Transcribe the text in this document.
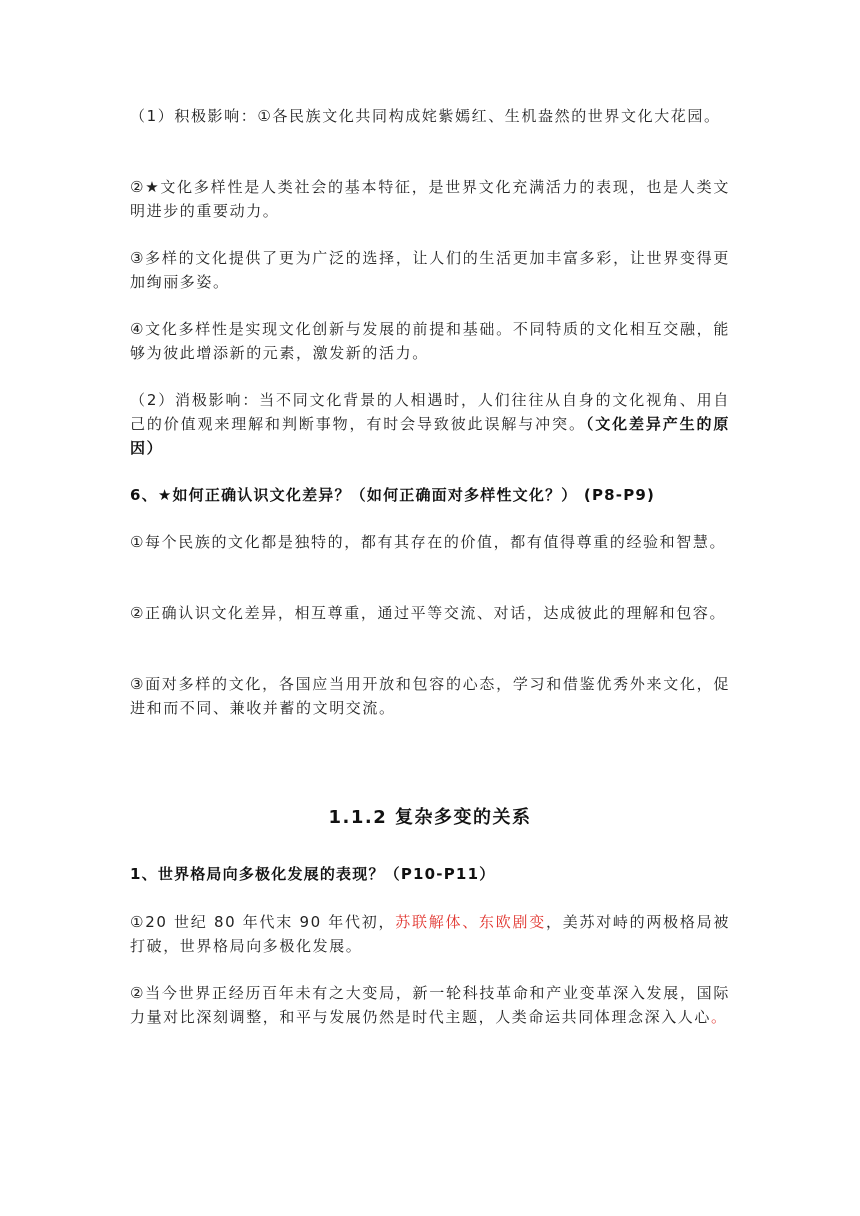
（1）积极影响：①各民族文化共同构成姹紫嫣红、生机盎然的世界文化大花园。

②★文化多样性是人类社会的基本特征，是世界文化充满活力的表现，也是人类文明进步的重要动力。

③多样的文化提供了更为广泛的选择，让人们的生活更加丰富多彩，让世界变得更加绚丽多姿。

④文化多样性是实现文化创新与发展的前提和基础。不同特质的文化相互交融，能够为彼此增添新的元素，激发新的活力。

（2）消极影响：当不同文化背景的人相遇时，人们往往从自身的文化视角、用自己的价值观来理解和判断事物，有时会导致彼此误解与冲突。（文化差异产生的原因）

6、★如何正确认识文化差异？（如何正确面对多样性文化？） (P8-P9)

①每个民族的文化都是独特的，都有其存在的价值，都有值得尊重的经验和智慧。

②正确认识文化差异，相互尊重，通过平等交流、对话，达成彼此的理解和包容。

③面对多样的文化，各国应当用开放和包容的心态，学习和借鉴优秀外来文化，促进和而不同、兼收并蓄的文明交流。

1.1.2 复杂多变的关系

1、世界格局向多极化发展的表现？（P10-P11）

①20 世纪 80 年代末 90 年代初，苏联解体、东欧剧变，美苏对峙的两极格局被打破，世界格局向多极化发展。

②当今世界正经历百年未有之大变局，新一轮科技革命和产业变革深入发展，国际力量对比深刻调整，和平与发展仍然是时代主题，人类命运共同体理念深入人心。
